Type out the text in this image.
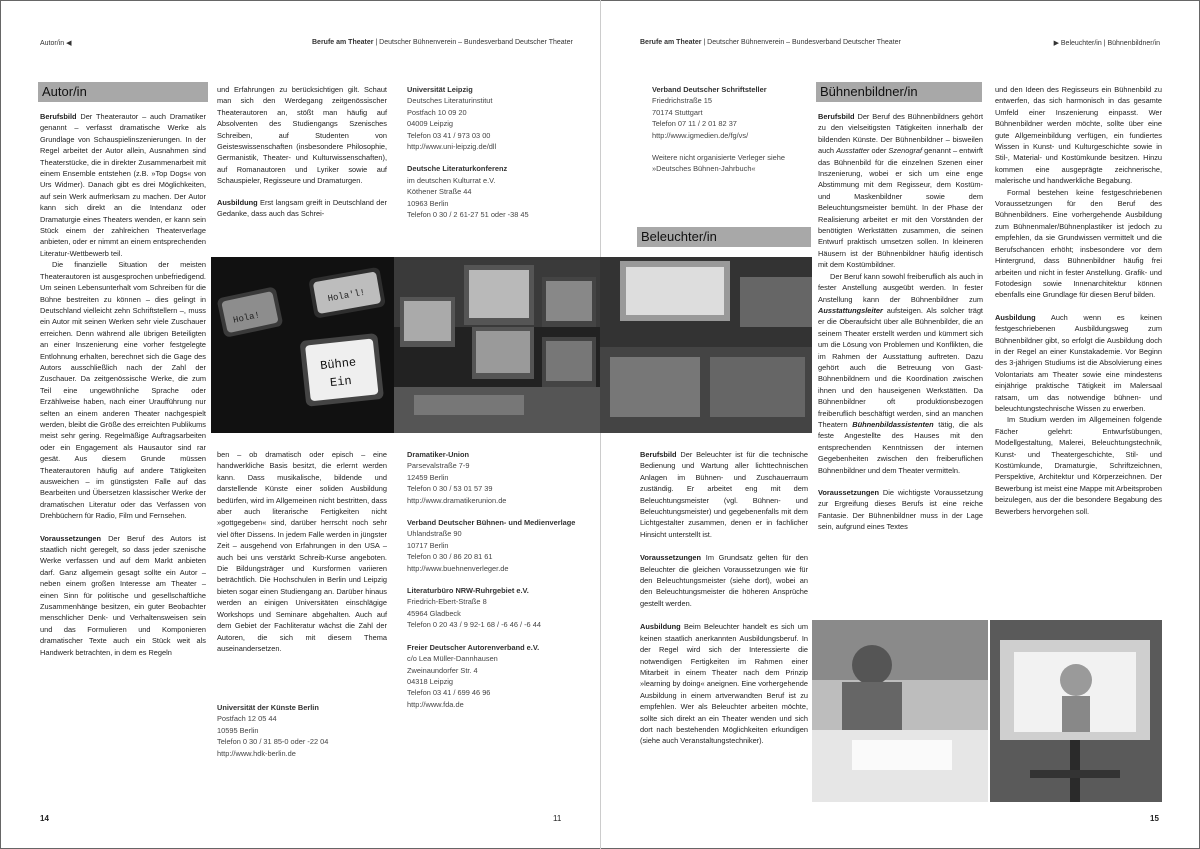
Autor/in ◀	Berufe am Theater | Deutscher Bühnenverein – Bundesverband Deutscher Theater	Berufe am Theater | Deutscher Bühnenverein – Bundesverband Deutscher Theater	▶ Beleuchter/in | Bühnenbildner/in
Autor/in
Beleuchter/in
Bühnenbildner/in

Berufsbild Der Theaterautor – auch Dramatiker genannt – verfasst dramatische Werke als Grundlage von Schauspielinszenierungen. In der Regel arbeitet der Autor allein, Ausnahmen sind Theaterstücke, die in direkter Zusammenarbeit mit einem Ensemble entstehen (z.B. »Top Dogs« von Urs Widmer). Danach gibt es drei Möglichkeiten, auf sein Werk aufmerksam zu machen. Der Autor kann sich direkt an die Intendanz oder Dramaturgie eines Theaters wenden, er kann sein Stück einem der zahlreichen Theaterverlage anbieten, oder er nimmt an einem entsprechenden Literatur-Wettbewerb teil.

Die finanzielle Situation der meisten Theaterautoren ist ausgesprochen unbefriedigend. Um seinen Lebensunterhalt vom Schreiben für die Bühne bestreiten zu können – dies gelingt in Deutschland vielleicht zehn Schriftstellern –, muss ein Autor mit seinen Werken sehr viele Zuschauer erreichen. Denn während alle übrigen Beteiligten an einer Inszenierung eine vorher festgelegte Entlohnung erhalten, berechnet sich die Gage des Autors ausschließlich nach der Zahl der Zuschauer. Da zeitgenössische Werke, die zum Teil eine ungewöhnliche Sprache oder Erzählweise haben, nach einer Uraufführung nur selten an einem anderen Theater nachgespielt werden, bleibt die Größe des erreichten Publikums meist sehr gering. Regelmäßige Auftragsarbeiten oder ein Engagement als Hausautor sind rar gesät. Aus diesem Grunde müssen Theaterautoren häufig auf andere Tätigkeiten ausweichen – im günstigsten Falle auf das Bearbeiten und Übersetzen klassischer Werke der dramatischen Literatur oder das Verfassen von Drehbüchern für Radio, Film und Fernsehen.

Voraussetzungen Der Beruf des Autors ist staatlich nicht geregelt, so dass jeder szenische Werke verfassen und auf dem Markt anbieten darf. Ganz allgemein gesagt sollte ein Autor – neben einem großen Interesse am Theater – einen Sinn für politische und gesellschaftliche Zusammenhänge besitzen, ein guter Beobachter menschlicher Denk- und Verhaltensweisen sein und das Formulieren und Komponieren dramatischer Texte auch ein Stück weit als Handwerk betrachten, in dem es Regeln

und Erfahrungen zu berücksichtigen gilt. Schaut man sich den Werdegang zeitgenössischer Theaterautoren an, stößt man häufig auf Absolventen des Studiengangs Szenisches Schreiben, auf Studenten von Geisteswissenschaften (insbesondere Philosophie, Germanistik, Theater- und Kulturwissenschaften), auf Romanautoren und Lyriker sowie auf Schauspieler, Regisseure und Dramaturgen.

Ausbildung Erst langsam greift in Deutschland der Gedanke, dass auch das Schrei-

Universität Leipzig
Deutsches Literaturinstitut
Postfach 10 09 20
04009 Leipzig
Telefon 03 41 / 973 03 00
http://www.uni-leipzig.de/dll
Deutsche Literaturkonferenz
im deutschen Kulturrat e.V.
Köthener Straße 44
10963 Berlin
Telefon 0 30 / 2 61-27 51 oder -38 45
Verband Deutscher Schriftsteller
Friedrichstraße 15
70174 Stuttgart
Telefon 07 11 / 2 01 82 37
http://www.igmedien.de/fg/vs/
Weitere nicht organisierte Verleger siehe »Deutsches Bühnen-Jahrbuch«
Hola!
Hola'l!
Bühne
Ein

ben – ob dramatisch oder episch – eine handwerkliche Basis besitzt, die erlernt werden kann. Dass musikalische, bildende und darstellende Künste einer soliden Ausbildung bedürfen, wird im Allgemeinen nicht bestritten, dass aber auch literarische Fertigkeiten nicht »gottgegeben« sind, darüber herrscht noch sehr viel öfter Dissens. In jedem Falle werden in jüngster Zeit – ausgehend von Erfahrungen in den USA – auch bei uns verstärkt Schreib-Kurse angeboten. Die Bildungsträger und Kursformen variieren beträchtlich. Die Hochschulen in Berlin und Leipzig bieten sogar einen Studiengang an. Darüber hinaus werden an einigen Universitäten einschlägige Workshops und Seminare abgehalten. Auch auf dem Gebiet der Fachliteratur wächst die Zahl der Autoren, die sich mit diesem Thema auseinandersetzen.

Universität der Künste Berlin
Postfach 12 05 44
10595 Berlin
Telefon 0 30 / 31 85-0 oder -22 04
http://www.hdk-berlin.de
Dramatiker-Union
Parsevalstraße 7-9
12459 Berlin
Telefon 0 30 / 53 01 57 39
http://www.dramatikerunion.de
Verband Deutscher Bühnen- und Medienverlage
Uhlandstraße 90
10717 Berlin
Telefon 0 30 / 86 20 81 61
http://www.buehnenverleger.de
Literaturbüro NRW-Ruhrgebiet e.V.
Friedrich-Ebert-Straße 8
45964 Gladbeck
Telefon 0 20 43 / 9 92-1 68 / -6 46 / -6 44
Freier Deutscher Autorenverband e.V.
c/o Lea Müller-Dannhausen
Zweinaundorfer Str. 4
04318 Leipzig
Telefon 03 41 / 699 46 96
http://www.fda.de

Berufsbild Der Beleuchter ist für die technische Bedienung und Wartung aller lichttechnischen Anlagen im Bühnen- und Zuschauerraum zuständig. Er arbeitet eng mit dem Beleuchtungsmeister (vgl. Bühnen- und Beleuchtungsmeister) und gegebenenfalls mit dem Lichtgestalter zusammen, denen er in fachlicher Hinsicht unterstellt ist.

Voraussetzungen Im Grundsatz gelten für den Beleuchter die gleichen Voraussetzungen wie für den Beleuchtungsmeister (siehe dort), wobei an den Beleuchtungsmeister die höheren Ansprüche gestellt werden.

Ausbildung Beim Beleuchter handelt es sich um keinen staatlich anerkannten Ausbildungsberuf. In der Regel wird sich der Interessierte die notwendigen Fertigkeiten im Rahmen einer Mitarbeit in einem Theater nach dem Prinzip »learning by doing« aneignen. Eine vorhergehende Ausbildung in einem artverwandten Beruf ist zu empfehlen. Wer als Beleuchter arbeiten möchte, sollte sich direkt an ein Theater wenden und sich dort nach bestehenden Möglichkeiten erkundigen (siehe auch Veranstaltungstechniker).

Berufsbild Der Beruf des Bühnenbildners gehört zu den vielseitigsten Tätigkeiten innerhalb der bildenden Künste. Der Bühnenbildner – bisweilen auch Ausstatter oder Szenograf genannt – entwirft das Bühnenbild für die einzelnen Szenen einer Inszenierung, wobei er sich um eine enge Abstimmung mit dem Regisseur, dem Kostüm- und Maskenbildner sowie dem Beleuchtungsmeister bemüht. In der Phase der Realisierung arbeitet er mit den Vorständen der benötigten Werkstätten zusammen, die seinen Entwurf praktisch umsetzen sollen. In kleineren Häusern ist der Bühnenbildner häufig identisch mit dem Kostümbildner.

Der Beruf kann sowohl freiberuflich als auch in fester Anstellung ausgeübt werden. In fester Anstellung kann der Bühnenbildner zum Ausstattungsleiter aufsteigen. Als solcher trägt er die Oberaufsicht über alle Bühnenbilder, die an seinem Theater erstellt werden und kümmert sich um die Lösung von Problemen und Konflikten, die im Rahmen der Ausstattung auftreten. Dazu gehört auch die Betreuung von Gast-Bühnenbildnern und die Koordination zwischen ihnen und den hauseigenen Werkstätten. Da Bühnenbildner oft produktionsbezogen freiberuflich beschäftigt werden, sind an manchen Theatern Bühnenbildassistenten tätig, die als feste Angestellte des Hauses mit den entsprechenden Kenntnissen der internen Gegebenheiten zwischen den freiberuflichen Bühnenbildner und dem Theater vermitteln.

Voraussetzungen Die wichtigste Voraussetzung zur Ergreifung dieses Berufs ist eine reiche Fantasie. Der Bühnenbildner muss in der Lage sein, aufgrund eines Textes

und den Ideen des Regisseurs ein Bühnenbild zu entwerfen, das sich harmonisch in das gesamte Umfeld einer Inszenierung einpasst. Wer Bühnenbildner werden möchte, sollte über eine gute Allgemeinbildung verfügen, ein fundiertes Wissen in Kunst- und Kulturgeschichte sowie in Stil-, Material- und Kostümkunde besitzen. Hinzu kommen eine ausgeprägte zeichnerische, malerische und handwerkliche Begabung.

Formal bestehen keine festgeschriebenen Voraussetzungen für den Beruf des Bühnenbildners. Eine vorhergehende Ausbildung zum Bühnenmaler/Bühnenplastiker ist jedoch zu empfehlen, da sie Grundwissen vermittelt und die Berufschancen erhöht; insbesondere vor dem Hintergrund, dass Bühnenbildner häufig frei arbeiten und nicht in fester Anstellung. Grafik- und Fotodesign sowie Innenarchitektur können ebenfalls eine Grundlage für diesen Beruf bilden.

Ausbildung Auch wenn es keinen festgeschriebenen Ausbildungsweg zum Bühnenbildner gibt, so erfolgt die Ausbildung doch in der Regel an einer Kunstakademie. Vor Beginn des 3-jährigen Studiums ist die Absolvierung eines Volontariats am Theater sowie eine mindestens einjährige praktische Tätigkeit im Malersaal ratsam, um das notwendige bühnen- und beleuchtungstechnische Wissen zu erwerben.

Im Studium werden im Allgemeinen folgende Fächer gelehrt: Entwurfsübungen, Modellgestaltung, Malerei, Beleuchtungstechnik, Kunst- und Theatergeschichte, Stil- und Kostümkunde, Dramaturgie, Schriftzeichnen, Perspektive, Architektur und Körperzeichnen. Der Bewerbung ist meist eine Mappe mit Arbeitsproben beizulegen, aus der die besondere Begabung des Bewerbers hervorgehen soll.

14	11	15
